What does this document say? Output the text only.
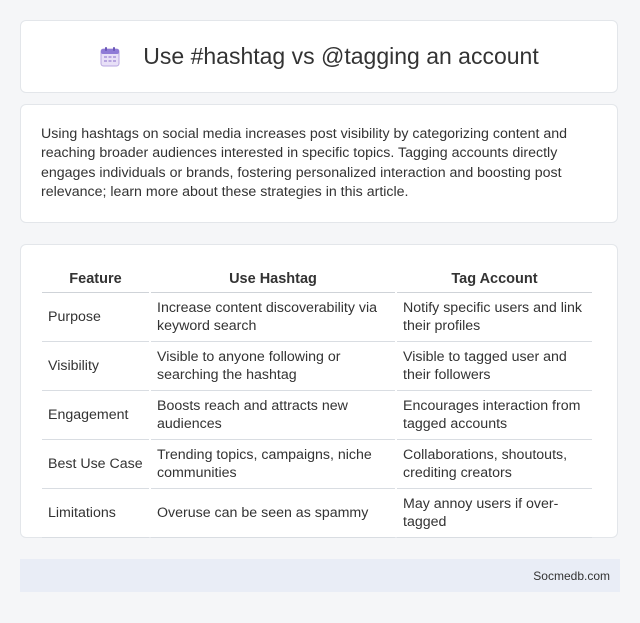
Use #hashtag vs @tagging an account

Using hashtags on social media increases post visibility by categorizing content and reaching broader audiences interested in specific topics. Tagging accounts directly engages individuals or brands, fostering personalized interaction and boosting post relevance; learn more about these strategies in this article.

Feature	Use Hashtag	Tag Account
Purpose	Increase content discoverability via keyword search	Notify specific users and link their profiles
Visibility	Visible to anyone following or searching the hashtag	Visible to tagged user and their followers
Engagement	Boosts reach and attracts new audiences	Encourages interaction from tagged accounts
Best Use Case	Trending topics, campaigns, niche communities	Collaborations, shoutouts, crediting creators
Limitations	Overuse can be seen as spammy	May annoy users if over-tagged
Socmedb.com
